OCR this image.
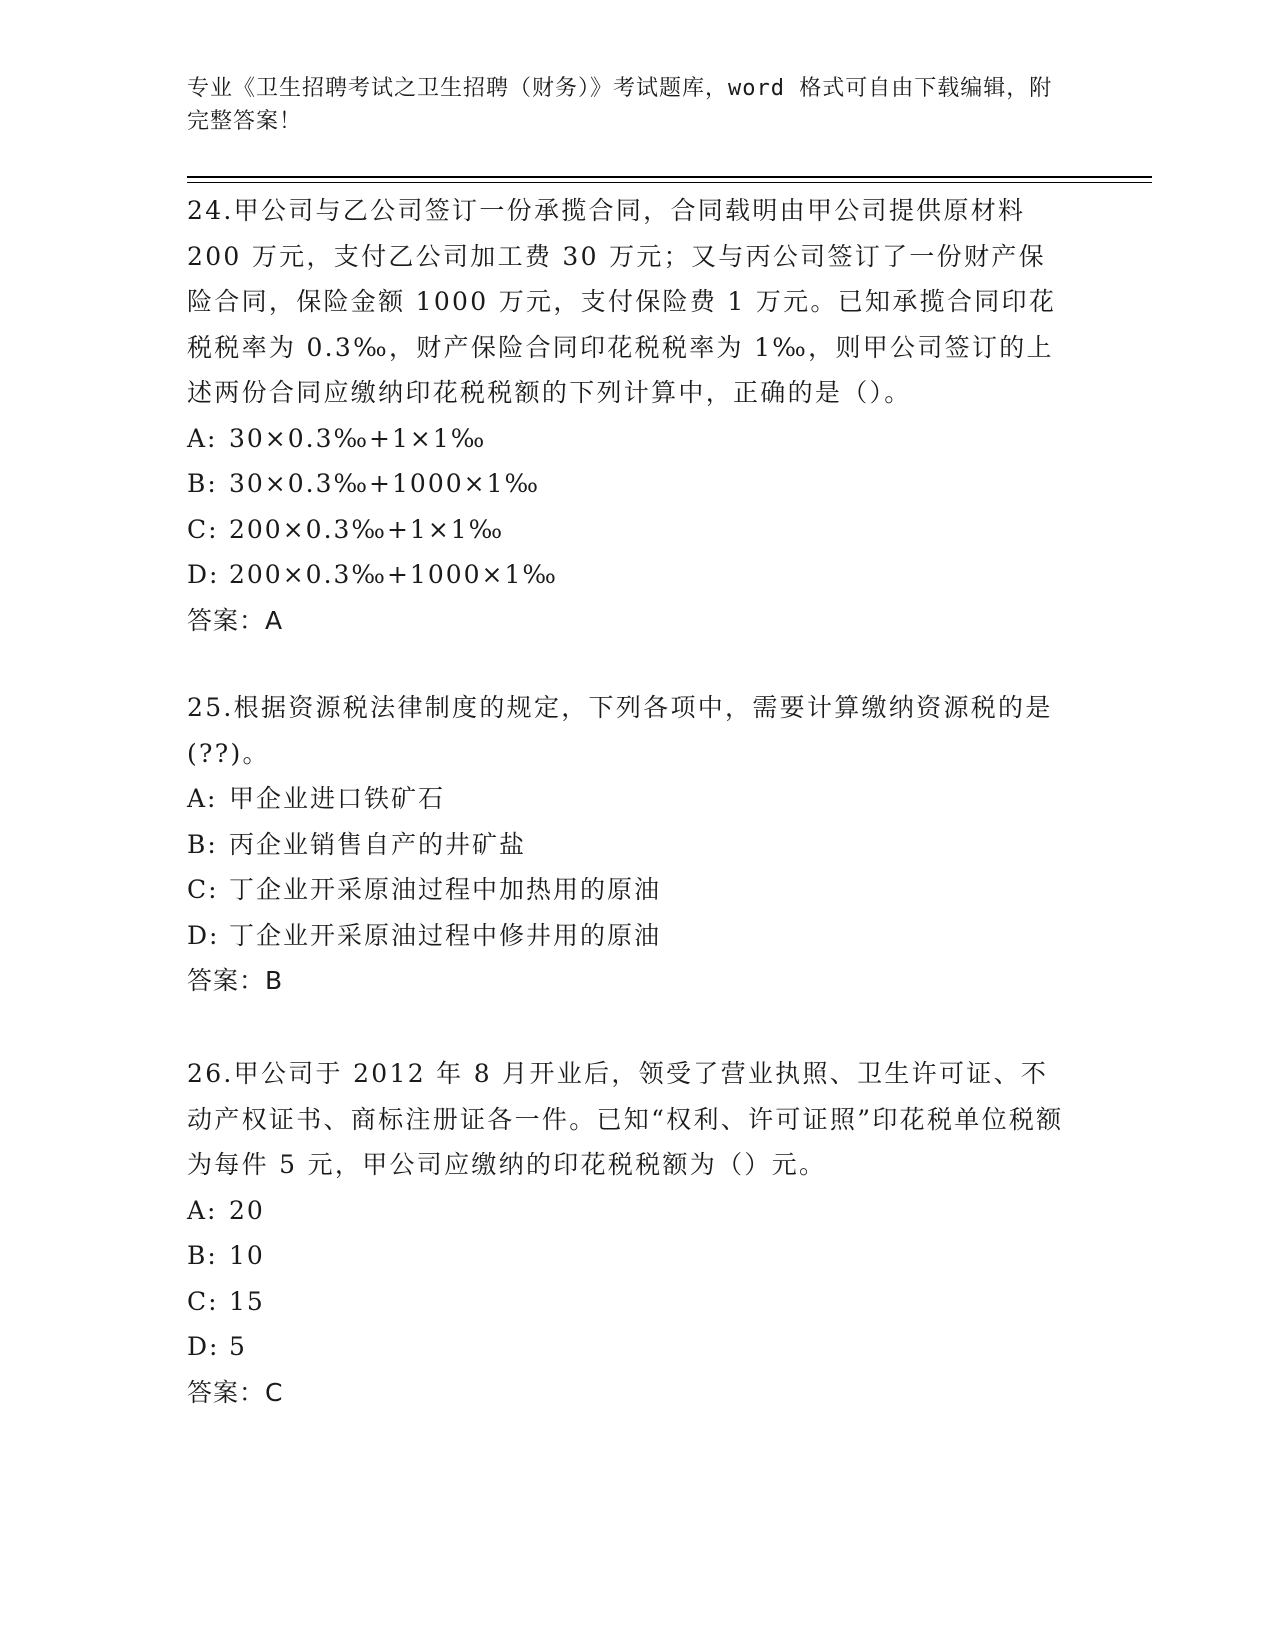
专业《卫生招聘考试之卫生招聘（财务）》考试题库，word 格式可自由下载编辑，附完整答案！

24.甲公司与乙公司签订一份承揽合同，合同载明由甲公司提供原材料200 万元，支付乙公司加工费 30 万元；又与丙公司签订了一份财产保险合同，保险金额 1000 万元，支付保险费 1 万元。已知承揽合同印花税税率为 0.3‰，财产保险合同印花税税率为 1‰，则甲公司签订的上述两份合同应缴纳印花税税额的下列计算中，正确的是（）。

A: 30×0.3‰+1×1‰

B: 30×0.3‰+1000×1‰

C: 200×0.3‰+1×1‰

D: 200×0.3‰+1000×1‰

答案：A

25.根据资源税法律制度的规定，下列各项中，需要计算缴纳资源税的是(??)。

A: 甲企业进口铁矿石

B: 丙企业销售自产的井矿盐

C: 丁企业开采原油过程中加热用的原油

D: 丁企业开采原油过程中修井用的原油

答案：B

26.甲公司于 2012 年 8 月开业后，领受了营业执照、卫生许可证、不动产权证书、商标注册证各一件。已知“权利、许可证照”印花税单位税额为每件 5 元，甲公司应缴纳的印花税税额为（）元。

A: 20

B: 10

C: 15

D: 5

答案：C
